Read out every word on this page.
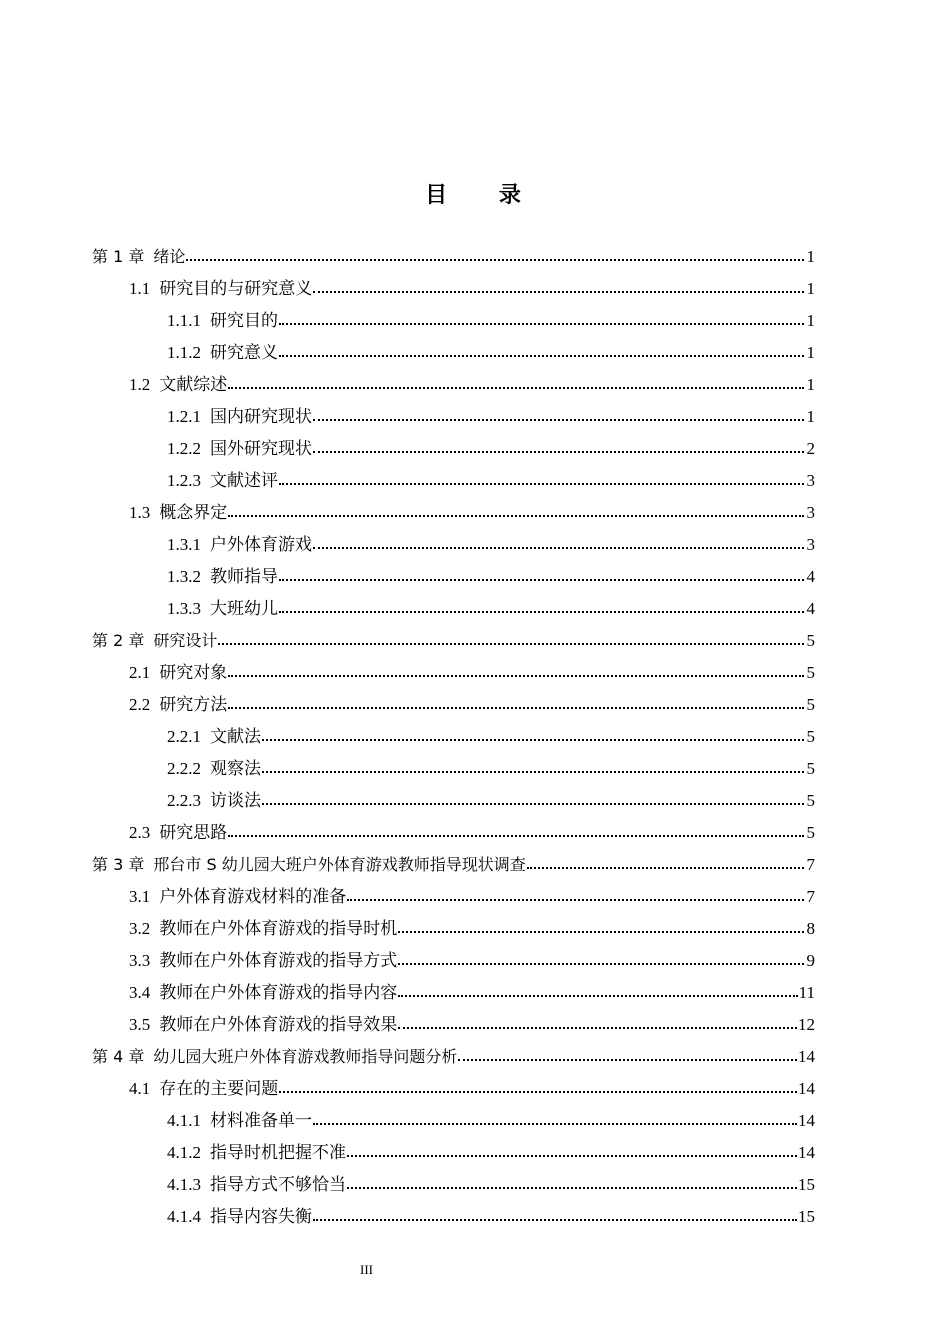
目 录
第 1 章 绪论	1
1.1 研究目的与研究意义	1
1.1.1 研究目的	1
1.1.2 研究意义	1
1.2 文献综述	1
1.2.1 国内研究现状	1
1.2.2 国外研究现状	2
1.2.3 文献述评	3
1.3 概念界定	3
1.3.1 户外体育游戏	3
1.3.2 教师指导	4
1.3.3 大班幼儿	4
第 2 章 研究设计	5
2.1 研究对象	5
2.2 研究方法	5
2.2.1 文献法	5
2.2.2 观察法	5
2.2.3 访谈法	5
2.3 研究思路	5
第 3 章 邢台市 S 幼儿园大班户外体育游戏教师指导现状调查	7
3.1 户外体育游戏材料的准备	7
3.2 教师在户外体育游戏的指导时机	8
3.3 教师在户外体育游戏的指导方式	9
3.4 教师在户外体育游戏的指导内容	11
3.5 教师在户外体育游戏的指导效果	12
第 4 章 幼儿园大班户外体育游戏教师指导问题分析	14
4.1 存在的主要问题	14
4.1.1 材料准备单一	14
4.1.2 指导时机把握不准	14
4.1.3 指导方式不够恰当	15
4.1.4 指导内容失衡	15
III
